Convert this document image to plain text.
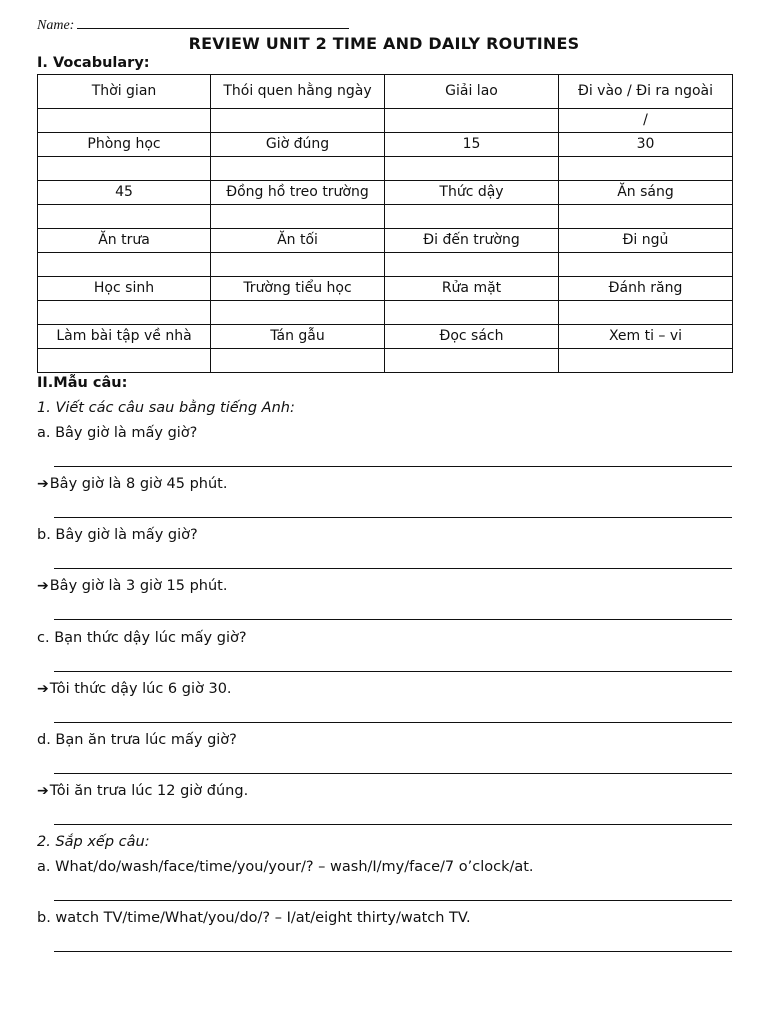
Name:
REVIEW UNIT 2 TIME AND DAILY ROUTINES
I. Vocabulary:
Thời gian	Thói quen hằng ngày	Giải lao	Đi vào / Đi ra ngoài
			/
Phòng học	Giờ đúng	15	30

45	Đồng hồ treo trường	Thức dậy	Ăn sáng

Ăn trưa	Ăn tối	Đi đến trường	Đi ngủ

Học sinh	Trường tiểu học	Rửa mặt	Đánh răng

Làm bài tập về nhà	Tán gẫu	Đọc sách	Xem ti – vi

II.Mẫu câu:
1. Viết các câu sau bằng tiếng Anh:
a. Bây giờ là mấy giờ?
➔Bây giờ là 8 giờ 45 phút.
b. Bây giờ là mấy giờ?
➔Bây giờ là 3 giờ 15 phút.
c. Bạn thức dậy lúc mấy giờ?
➔Tôi thức dậy lúc 6 giờ 30.
d. Bạn ăn trưa lúc mấy giờ?
➔Tôi ăn trưa lúc 12 giờ đúng.
2. Sắp xếp câu:
a. What/do/wash/face/time/you/your/? – wash/I/my/face/7 o’clock/at.
b. watch TV/time/What/you/do/? – I/at/eight thirty/watch TV.
